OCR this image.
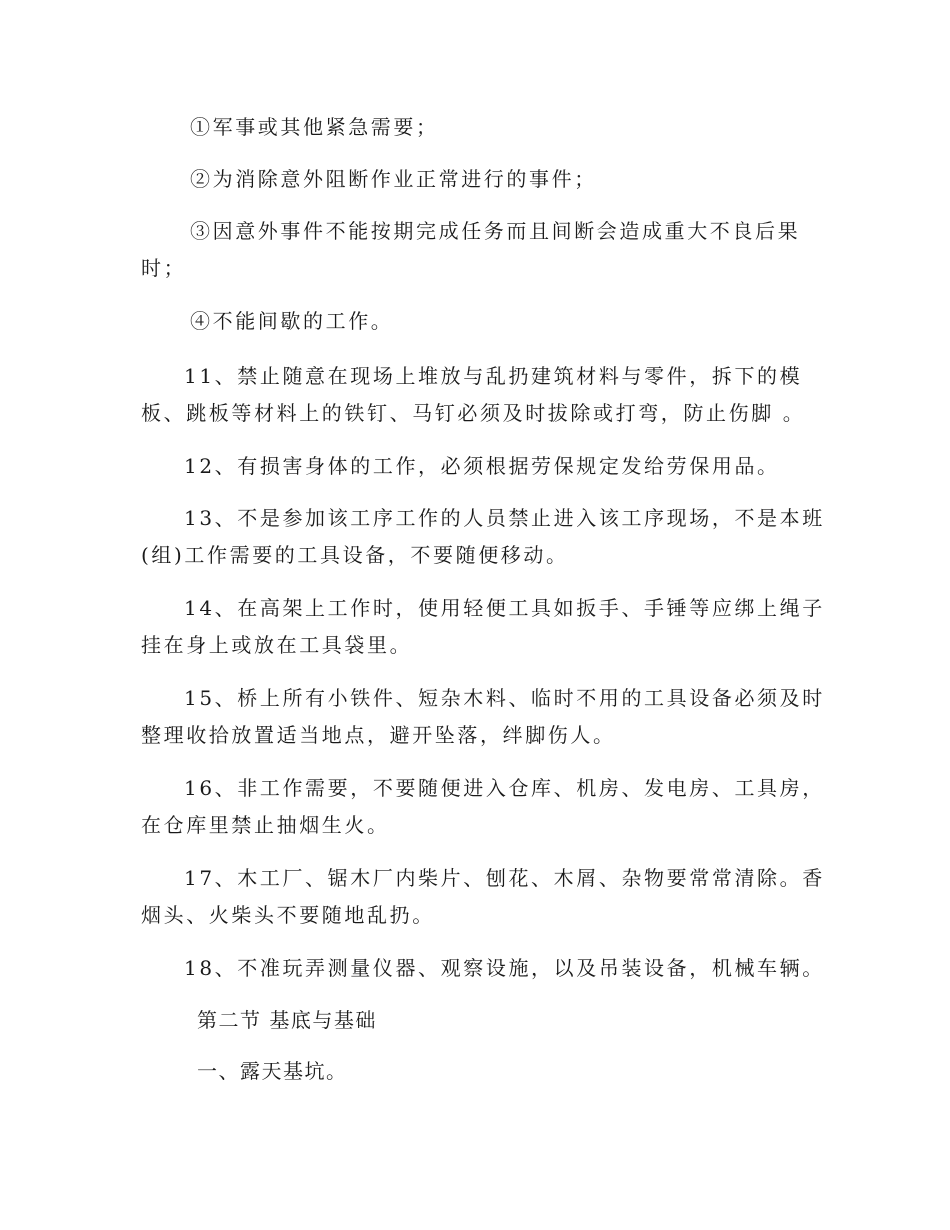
①军事或其他紧急需要；
②为消除意外阻断作业正常进行的事件；
③因意外事件不能按期完成任务而且间断会造成重大不良后果
时；
④不能间歇的工作。
11、禁止随意在现场上堆放与乱扔建筑材料与零件，拆下的模
板、跳板等材料上的铁钉、马钉必须及时拔除或打弯，防止伤脚 。
12、有损害身体的工作，必须根据劳保规定发给劳保用品。
13、不是参加该工序工作的人员禁止进入该工序现场，不是本班
(组)工作需要的工具设备，不要随便移动。
14、在高架上工作时，使用轻便工具如扳手、手锤等应绑上绳子
挂在身上或放在工具袋里。
15、桥上所有小铁件、短杂木料、临时不用的工具设备必须及时
整理收拾放置适当地点，避开坠落，绊脚伤人。
16、非工作需要，不要随便进入仓库、机房、发电房、工具房，
在仓库里禁止抽烟生火。
17、木工厂、锯木厂内柴片、刨花、木屑、杂物要常常清除。香
烟头、火柴头不要随地乱扔。
18、不准玩弄测量仪器、观察设施，以及吊装设备，机械车辆。
第二节 基底与基础
一、露天基坑。
